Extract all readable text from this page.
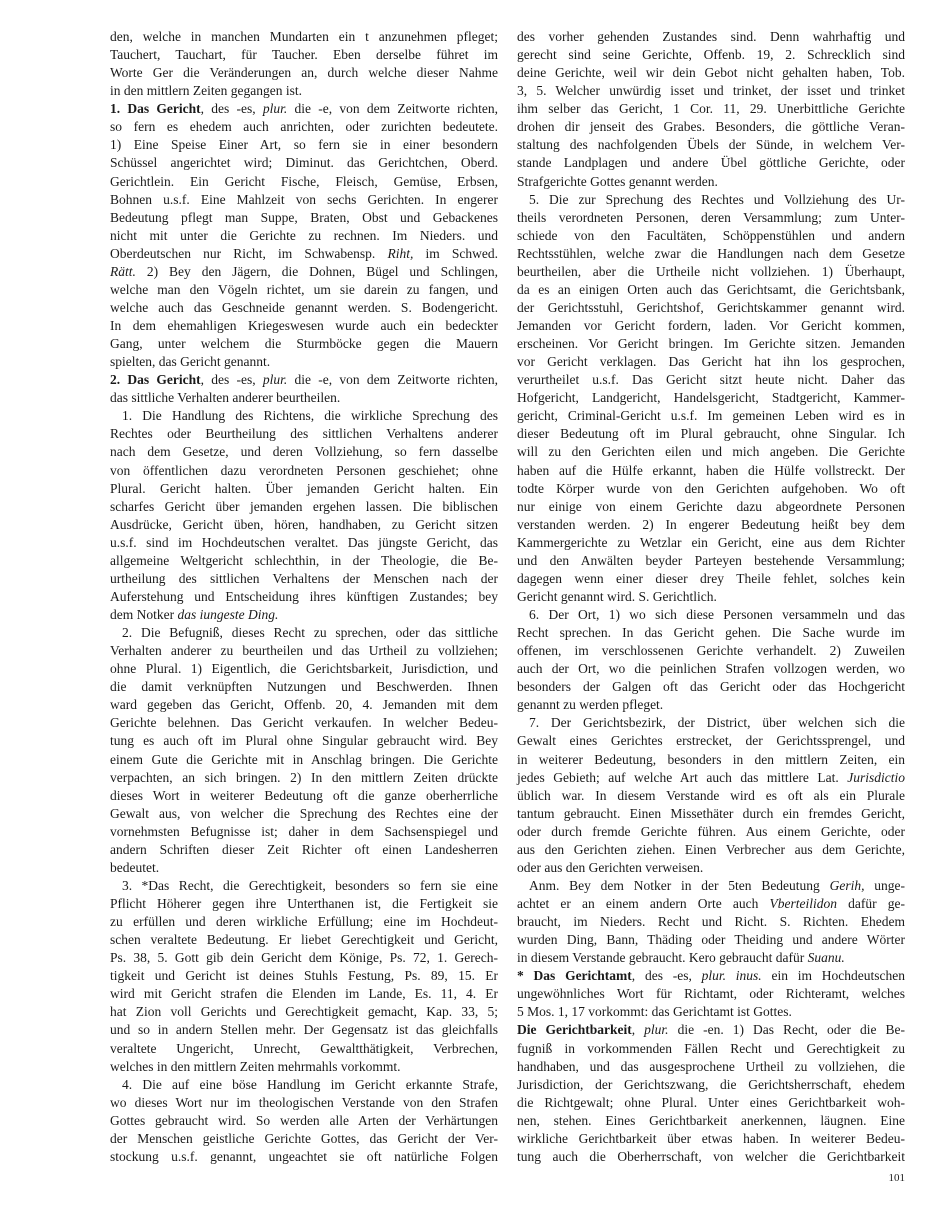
den, welche in manchen Mundarten ein t anzunehmen pfleget;
Tauchert, Tauchart, für Taucher. Eben derselbe führet im
Worte Ger die Veränderungen an, durch welche dieser Nahme
in den mittlern Zeiten gegangen ist.
1. Das Gericht, des -es, plur. die -e, von dem Zeitworte richten,
so fern es ehedem auch anrichten, oder zurichten bedeutete.
1) Eine Speise Einer Art, so fern sie in einer besondern
Schüssel angerichtet wird; Diminut. das Gerichtchen, Oberd.
Gerichtlein. Ein Gericht Fische, Fleisch, Gemüse, Erbsen,
Bohnen u.s.f. Eine Mahlzeit von sechs Gerichten. In engerer
Bedeutung pflegt man Suppe, Braten, Obst und Gebackenes
nicht mit unter die Gerichte zu rechnen. Im Nieders. und
Oberdeutschen nur Richt, im Schwabensp. Riht, im Schwed.
Rätt. 2) Bey den Jägern, die Dohnen, Bügel und Schlingen,
welche man den Vögeln richtet, um sie darein zu fangen, und
welche auch das Geschneide genannt werden. S. Bodengericht.
In dem ehemahligen Kriegeswesen wurde auch ein bedeckter
Gang, unter welchem die Sturmböcke gegen die Mauern
spielten, das Gericht genannt.
2. Das Gericht, des -es, plur. die -e, von dem Zeitworte richten,
das sittliche Verhalten anderer beurtheilen.
1. Die Handlung des Richtens, die wirkliche Sprechung des
Rechtes oder Beurtheilung des sittlichen Verhaltens anderer
nach dem Gesetze, und deren Vollziehung, so fern dasselbe
von öffentlichen dazu verordneten Personen geschiehet; ohne
Plural. Gericht halten. Über jemanden Gericht halten. Ein
scharfes Gericht über jemanden ergehen lassen. Die biblischen
Ausdrücke, Gericht üben, hören, handhaben, zu Gericht sitzen
u.s.f. sind im Hochdeutschen veraltet. Das jüngste Gericht, das
allgemeine Weltgericht schlechthin, in der Theologie, die Be-
urtheilung des sittlichen Verhaltens der Menschen nach der
Auferstehung und Entscheidung ihres künftigen Zustandes; bey
dem Notker das iungeste Ding.
2. Die Befugniß, dieses Recht zu sprechen, oder das sittliche
Verhalten anderer zu beurtheilen und das Urtheil zu vollziehen;
ohne Plural. 1) Eigentlich, die Gerichtsbarkeit, Jurisdiction, und
die damit verknüpften Nutzungen und Beschwerden. Ihnen
ward gegeben das Gericht, Offenb. 20, 4. Jemanden mit dem
Gerichte belehnen. Das Gericht verkaufen. In welcher Bedeu-
tung es auch oft im Plural ohne Singular gebraucht wird. Bey
einem Gute die Gerichte mit in Anschlag bringen. Die Gerichte
verpachten, an sich bringen. 2) In den mittlern Zeiten drückte
dieses Wort in weiterer Bedeutung oft die ganze oberherrliche
Gewalt aus, von welcher die Sprechung des Rechtes eine der
vornehmsten Befugnisse ist; daher in dem Sachsenspiegel und
andern Schriften dieser Zeit Richter oft einen Landesherren
bedeutet.
3. *Das Recht, die Gerechtigkeit, besonders so fern sie eine
Pflicht Höherer gegen ihre Unterthanen ist, die Fertigkeit sie
zu erfüllen und deren wirkliche Erfüllung; eine im Hochdeut-
schen veraltete Bedeutung. Er liebet Gerechtigkeit und Gericht,
Ps. 38, 5. Gott gib dein Gericht dem Könige, Ps. 72, 1. Gerech-
tigkeit und Gericht ist deines Stuhls Festung, Ps. 89, 15. Er
wird mit Gericht strafen die Elenden im Lande, Es. 11, 4. Er
hat Zion voll Gerichts und Gerechtigkeit gemacht, Kap. 33, 5;
und so in andern Stellen mehr. Der Gegensatz ist das gleichfalls
veraltete Ungericht, Unrecht, Gewaltthätigkeit, Verbrechen,
welches in den mittlern Zeiten mehrmahls vorkommt.
4. Die auf eine böse Handlung im Gericht erkannte Strafe,
wo dieses Wort nur im theologischen Verstande von den Strafen
Gottes gebraucht wird. So werden alle Arten der Verhärtungen
der Menschen geistliche Gerichte Gottes, das Gericht der Ver-
stockung u.s.f. genannt, ungeachtet sie oft natürliche Folgen
des vorher gehenden Zustandes sind. Denn wahrhaftig und
gerecht sind seine Gerichte, Offenb. 19, 2. Schrecklich sind
deine Gerichte, weil wir dein Gebot nicht gehalten haben, Tob.
3, 5. Welcher unwürdig isset und trinket, der isset und trinket
ihm selber das Gericht, 1 Cor. 11, 29. Unerbittliche Gerichte
drohen dir jenseit des Grabes. Besonders, die göttliche Veran-
staltung des nachfolgenden Übels der Sünde, in welchem Ver-
stande Landplagen und andere Übel göttliche Gerichte, oder
Strafgerichte Gottes genannt werden.
5. Die zur Sprechung des Rechtes und Vollziehung des Ur-
theils verordneten Personen, deren Versammlung; zum Unter-
schiede von den Facultäten, Schöppenstühlen und andern
Rechtsstühlen, welche zwar die Handlungen nach dem Gesetze
beurtheilen, aber die Urtheile nicht vollziehen. 1) Überhaupt,
da es an einigen Orten auch das Gerichtsamt, die Gerichtsbank,
der Gerichtsstuhl, Gerichtshof, Gerichtskammer genannt wird.
Jemanden vor Gericht fordern, laden. Vor Gericht kommen,
erscheinen. Vor Gericht bringen. Im Gerichte sitzen. Jemanden
vor Gericht verklagen. Das Gericht hat ihn los gesprochen,
verurtheilet u.s.f. Das Gericht sitzt heute nicht. Daher das
Hofgericht, Landgericht, Handelsgericht, Stadtgericht, Kammer-
gericht, Criminal-Gericht u.s.f. Im gemeinen Leben wird es in
dieser Bedeutung oft im Plural gebraucht, ohne Singular. Ich
will zu den Gerichten eilen und mich angeben. Die Gerichte
haben auf die Hülfe erkannt, haben die Hülfe vollstreckt. Der
todte Körper wurde von den Gerichten aufgehoben. Wo oft
nur einige von einem Gerichte dazu abgeordnete Personen
verstanden werden. 2) In engerer Bedeutung heißt bey dem
Kammergerichte zu Wetzlar ein Gericht, eine aus dem Richter
und den Anwälten beyder Parteyen bestehende Versammlung;
dagegen wenn einer dieser drey Theile fehlet, solches kein
Gericht genannt wird. S. Gerichtlich.
6. Der Ort, 1) wo sich diese Personen versammeln und das
Recht sprechen. In das Gericht gehen. Die Sache wurde im
offenen, im verschlossenen Gerichte verhandelt. 2) Zuweilen
auch der Ort, wo die peinlichen Strafen vollzogen werden, wo
besonders der Galgen oft das Gericht oder das Hochgericht
genannt zu werden pfleget.
7. Der Gerichtsbezirk, der District, über welchen sich die
Gewalt eines Gerichtes erstrecket, der Gerichtssprengel, und
in weiterer Bedeutung, besonders in den mittlern Zeiten, ein
jedes Gebieth; auf welche Art auch das mittlere Lat. Jurisdictio
üblich war. In diesem Verstande wird es oft als ein Plurale
tantum gebraucht. Einen Missethäter durch ein fremdes Gericht,
oder durch fremde Gerichte führen. Aus einem Gerichte, oder
aus den Gerichten ziehen. Einen Verbrecher aus dem Gerichte,
oder aus den Gerichten verweisen.
Anm. Bey dem Notker in der 5ten Bedeutung Gerih, unge-
achtet er an einem andern Orte auch Vberteilidon dafür ge-
braucht, im Nieders. Recht und Richt. S. Richten. Ehedem
wurden Ding, Bann, Thäding oder Theiding und andere Wörter
in diesem Verstande gebraucht. Kero gebraucht dafür Suanu.
* Das Gerichtamt, des -es, plur. inus. ein im Hochdeutschen
ungewöhnliches Wort für Richtamt, oder Richteramt, welches
5 Mos. 1, 17 vorkommt: das Gerichtamt ist Gottes.
Die Gerichtbarkeit, plur. die -en. 1) Das Recht, oder die Be-
fugniß in vorkommenden Fällen Recht und Gerechtigkeit zu
handhaben, und das ausgesprochene Urtheil zu vollziehen, die
Jurisdiction, der Gerichtszwang, die Gerichtsherrschaft, ehedem
die Richtgewalt; ohne Plural. Unter eines Gerichtbarkeit woh-
nen, stehen. Eines Gerichtbarkeit anerkennen, läugnen. Eine
wirkliche Gerichtbarkeit über etwas haben. In weiterer Bedeu-
tung auch die Oberherrschaft, von welcher die Gerichtbarkeit
101
